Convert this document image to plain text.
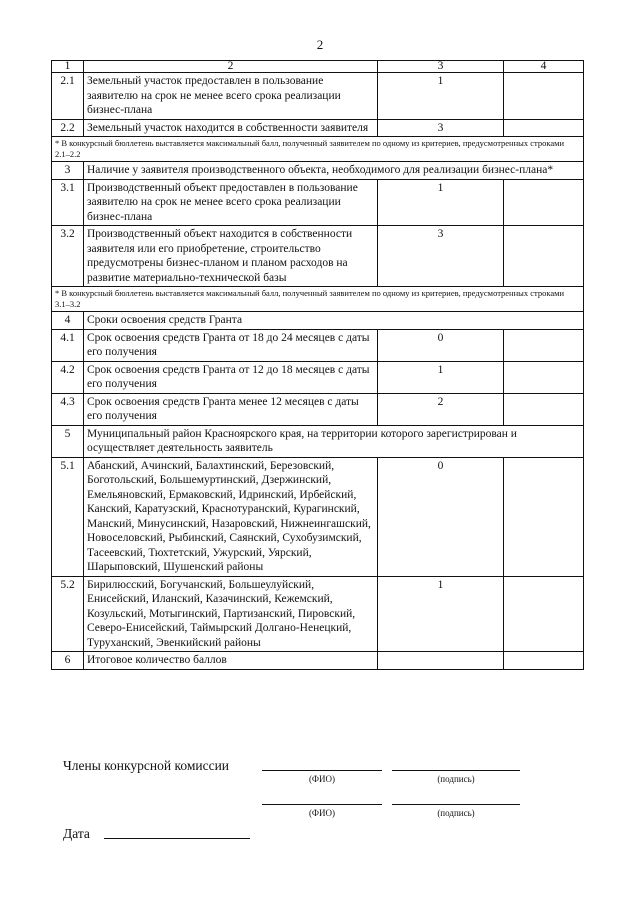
2
1	2	3	4
2.1	Земельный участок предоставлен в пользование заявителю на срок не менее всего срока реализации бизнес-плана	1	
2.2	Земельный участок находится в собственности заявителя	3	
* В конкурсный бюллетень выставляется максимальный балл, полученный заявителем по одному из критериев, предусмотренных строками 2.1–2.2			
3	Наличие у заявителя производственного объекта, необходимого для реализации бизнес-плана*		
3.1	Производственный объект предоставлен в пользование заявителю на срок не менее всего срока реализации бизнес-плана	1	
3.2	Производственный объект находится в собственности заявителя или его приобретение, строительство предусмотрены бизнес-планом и планом расходов на развитие материально-технической базы	3	
* В конкурсный бюллетень выставляется максимальный балл, полученный заявителем по одному из критериев, предусмотренных строками 3.1–3.2			
4	Сроки освоения средств Гранта		
4.1	Срок освоения средств Гранта от 18 до 24 месяцев с даты его получения	0	
4.2	Срок освоения средств Гранта от 12 до 18 месяцев с даты его получения	1	
4.3	Срок освоения средств Гранта менее 12 месяцев с даты его получения	2	
5	Муниципальный район Красноярского края, на территории которого зарегистрирован и осуществляет деятельность заявитель		
5.1	Абанский, Ачинский, Балахтинский, Березовский, Боготольский, Большемуртинский, Дзержинский, Емельяновский, Ермаковский, Идринский, Ирбейский, Канский, Каратузский, Краснотуранский, Курагинский, Манский, Минусинский, Назаровский, Нижнеингашский, Новоселовский, Рыбинский, Саянский, Сухобузимский, Тасеевский, Тюхтетский, Ужурский, Уярский, Шарыповский, Шушенский районы	0	
5.2	Бирилюсский, Богучанский, Большеулуйский, Енисейский, Иланский, Казачинский, Кежемский, Козульский, Мотыгинский, Партизанский, Пировский, Северо-Енисейский, Таймырский Долгано-Ненецкий, Туруханский, Эвенкийский районы	1	
6	Итоговое количество баллов		
Члены конкурсной комиссии
(ФИО)	(подпись)
(ФИО)	(подпись)
Дата
